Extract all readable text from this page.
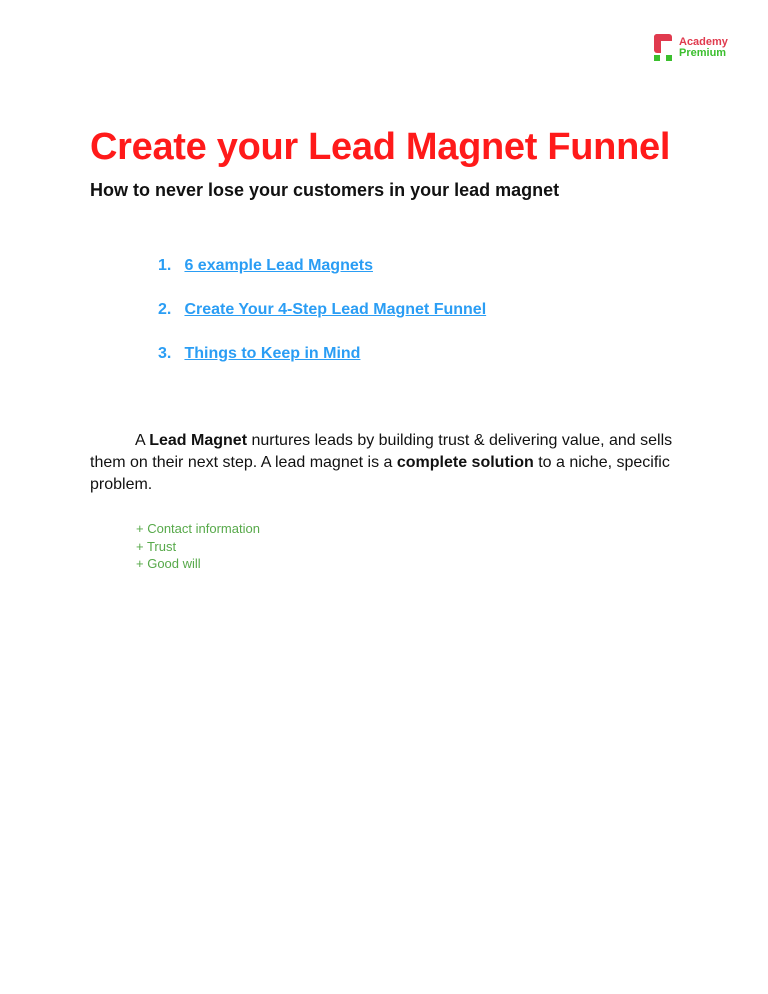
Academy
Premium
Create your Lead Magnet Funnel
How to never lose your customers in your lead magnet
1. 6 example Lead Magnets
2. Create Your 4-Step Lead Magnet Funnel
3. Things to Keep in Mind

A Lead Magnet nurtures leads by building trust & delivering value, and sells them on their next step. A lead magnet is a complete solution to a niche, specific problem.

+ Contact information
+ Trust
+ Good will
